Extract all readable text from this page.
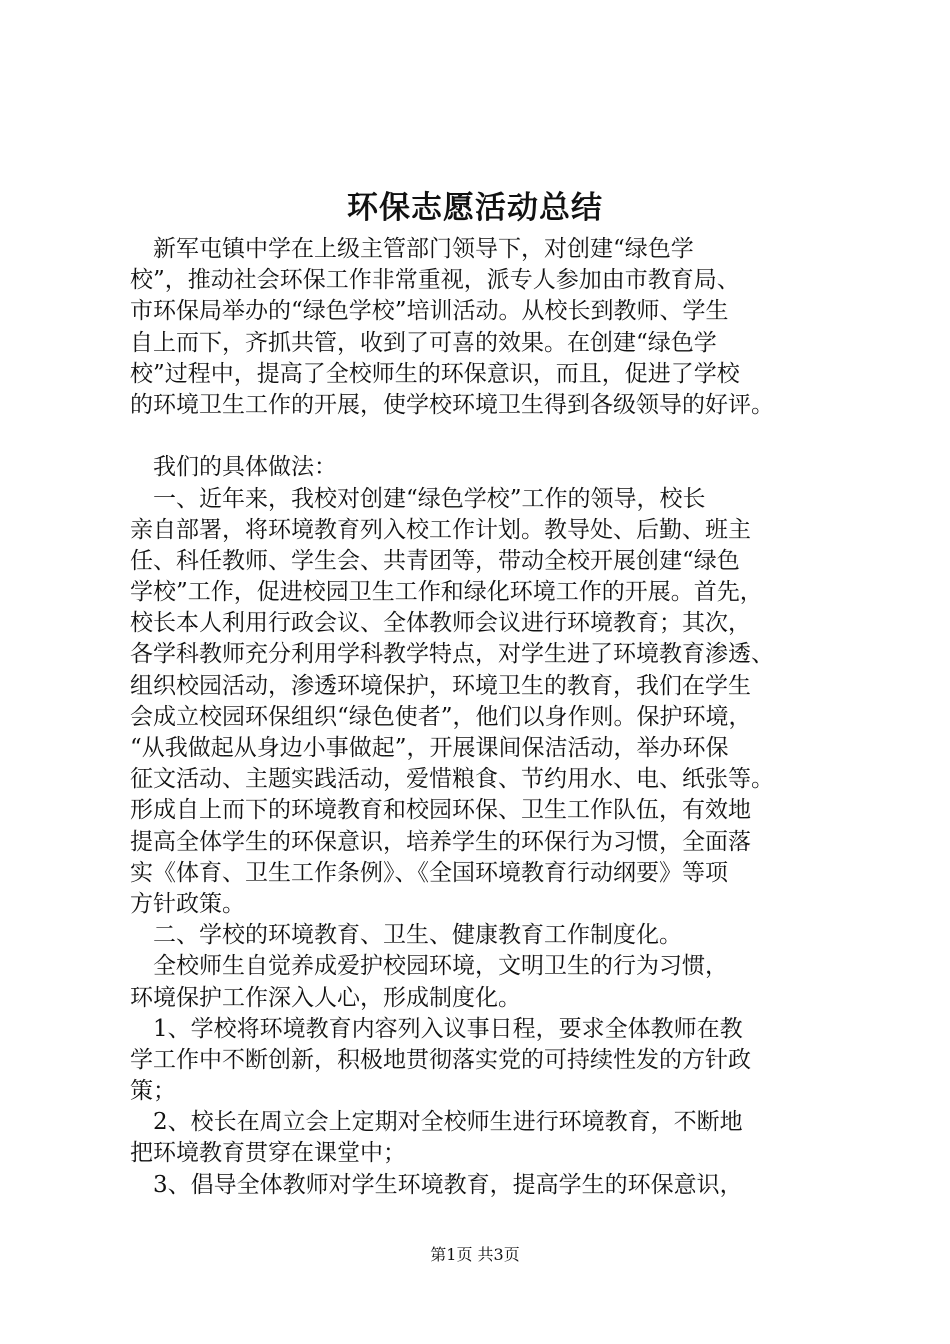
环保志愿活动总结
　新军屯镇中学在上级主管部门领导下，对创建“绿色学
校”，推动社会环保工作非常重视，派专人参加由市教育局、
市环保局举办的“绿色学校”培训活动。从校长到教师、学生
自上而下，齐抓共管，收到了可喜的效果。在创建“绿色学
校”过程中，提高了全校师生的环保意识，而且，促进了学校
的环境卫生工作的开展，使学校环境卫生得到各级领导的好评。
　我们的具体做法：
　一、近年来，我校对创建“绿色学校”工作的领导，校长
亲自部署，将环境教育列入校工作计划。教导处、后勤、班主
任、科任教师、学生会、共青团等，带动全校开展创建“绿色
学校”工作，促进校园卫生工作和绿化环境工作的开展。首先，
校长本人利用行政会议、全体教师会议进行环境教育；其次，
各学科教师充分利用学科教学特点，对学生进了环境教育渗透、
组织校园活动，渗透环境保护，环境卫生的教育，我们在学生
会成立校园环保组织“绿色使者”，他们以身作则。保护环境，
“从我做起从身边小事做起”，开展课间保洁活动，举办环保
征文活动、主题实践活动，爱惜粮食、节约用水、电、纸张等。
形成自上而下的环境教育和校园环保、卫生工作队伍，有效地
提高全体学生的环保意识，培养学生的环保行为习惯，全面落
实《体育、卫生工作条例》、《全国环境教育行动纲要》等项
方针政策。
　二、学校的环境教育、卫生、健康教育工作制度化。
　全校师生自觉养成爱护校园环境，文明卫生的行为习惯，
环境保护工作深入人心，形成制度化。
　1、学校将环境教育内容列入议事日程，要求全体教师在教
学工作中不断创新，积极地贯彻落实党的可持续性发的方针政
策；
　2、校长在周立会上定期对全校师生进行环境教育，不断地
把环境教育贯穿在课堂中；
　3、倡导全体教师对学生环境教育，提高学生的环保意识，
第1页 共3页
